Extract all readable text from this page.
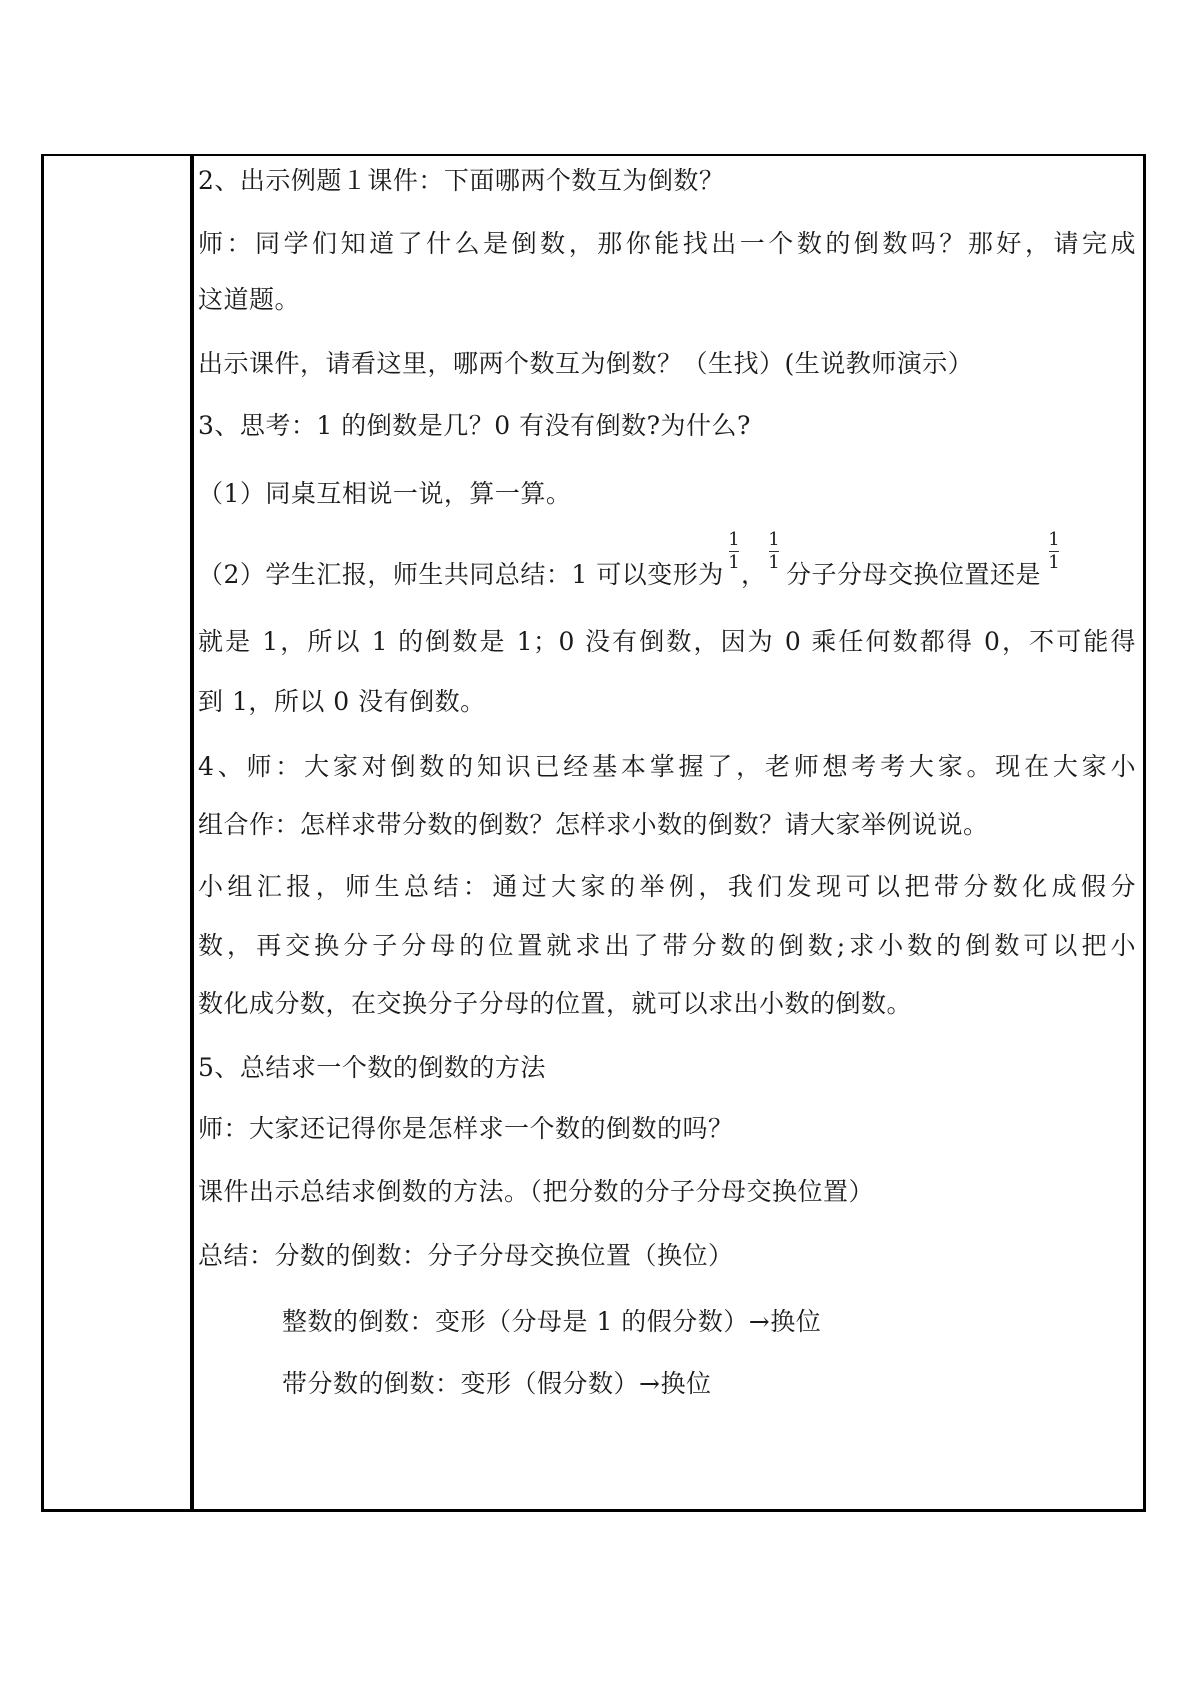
2、出示例题１课件：下面哪两个数互为倒数？
师：同学们知道了什么是倒数，那你能找出一个数的倒数吗？那好，请完成
这道题。
出示课件，请看这里，哪两个数互为倒数？（生找）(生说教师演示）
3、思考：1 的倒数是几？0 有没有倒数?为什么?
（1）同桌互相说一说，算一算。
（2）学生汇报，师生共同总结：1 可以变形为
1
1 ，
1
1 分子分母交换位置还是
1
1
就是 1，所以 1 的倒数是 1；0 没有倒数，因为 0 乘任何数都得 0，不可能得
到 1，所以 0 没有倒数。
4、师：大家对倒数的知识已经基本掌握了，老师想考考大家。现在大家小
组合作：怎样求带分数的倒数？怎样求小数的倒数？请大家举例说说。
小组汇报，师生总结：通过大家的举例，我们发现可以把带分数化成假分
数，再交换分子分母的位置就求出了带分数的倒数;求小数的倒数可以把小
数化成分数，在交换分子分母的位置，就可以求出小数的倒数。
5、总结求一个数的倒数的方法
师：大家还记得你是怎样求一个数的倒数的吗？
课件出示总结求倒数的方法。（把分数的分子分母交换位置）
总结：分数的倒数：分子分母交换位置（换位）
整数的倒数：变形（分母是 1 的假分数）→换位
带分数的倒数：变形（假分数）→换位
